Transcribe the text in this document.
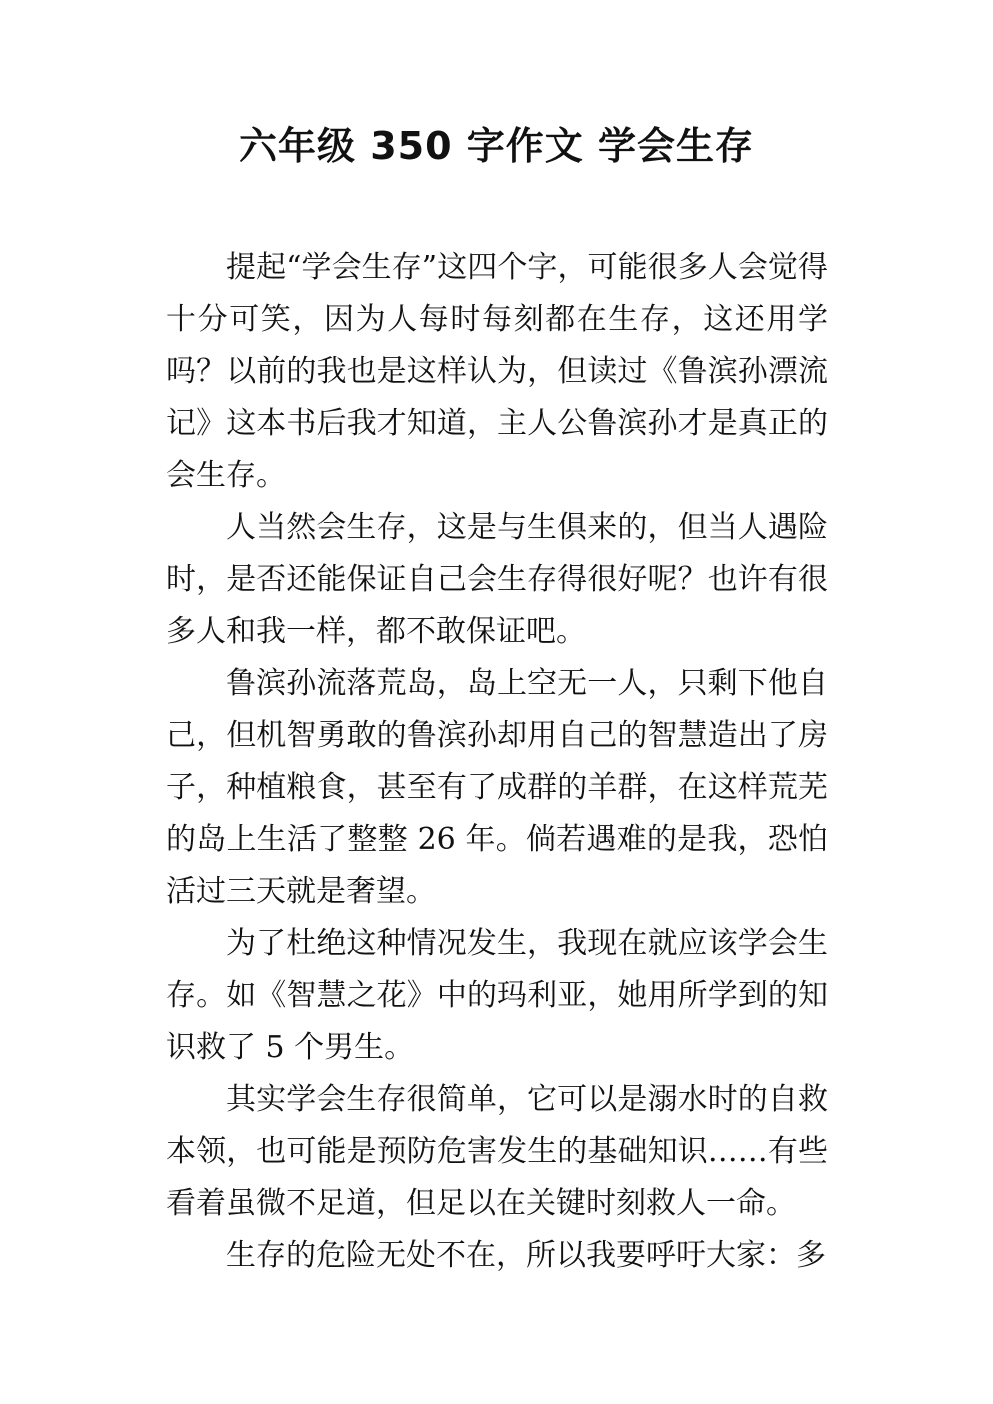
六年级 350 字作文 学会生存

提起“学会生存”这四个字，可能很多人会觉得十分可笑，因为人每时每刻都在生存，这还用学吗？以前的我也是这样认为，但读过《鲁滨孙漂流记》这本书后我才知道，主人公鲁滨孙才是真正的会生存。

人当然会生存，这是与生俱来的，但当人遇险时，是否还能保证自己会生存得很好呢？也许有很多人和我一样，都不敢保证吧。

鲁滨孙流落荒岛，岛上空无一人，只剩下他自己，但机智勇敢的鲁滨孙却用自己的智慧造出了房子，种植粮食，甚至有了成群的羊群，在这样荒芜的岛上生活了整整 26 年。倘若遇难的是我，恐怕活过三天就是奢望。

为了杜绝这种情况发生，我现在就应该学会生存。如《智慧之花》中的玛利亚，她用所学到的知识救了 5 个男生。

其实学会生存很简单，它可以是溺水时的自救本领，也可能是预防危害发生的基础知识……有些看着虽微不足道，但足以在关键时刻救人一命。

生存的危险无处不在，所以我要呼吁大家：多
